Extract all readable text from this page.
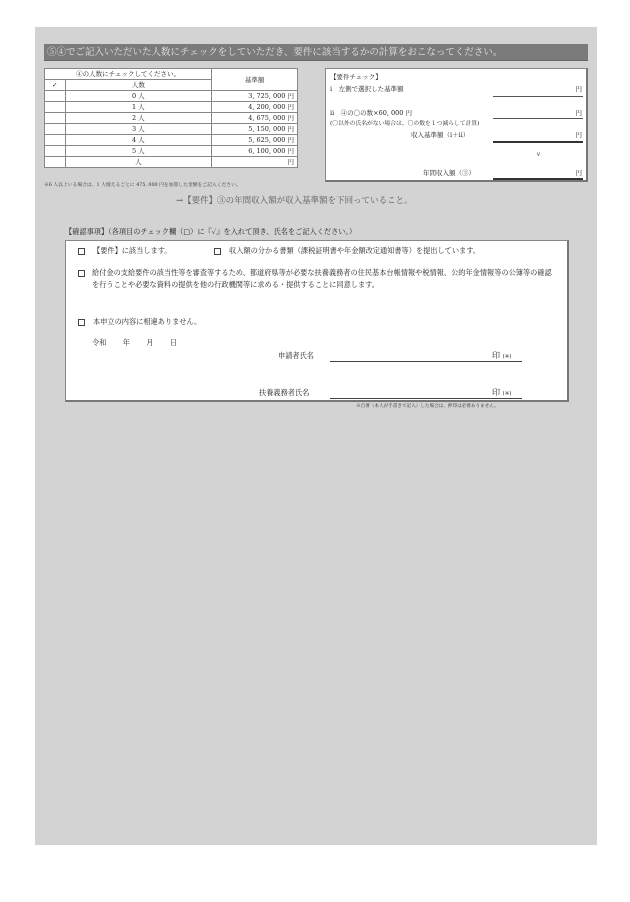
⑤④でご記入いただいた人数にチェックをしていただき、要件に該当するかの計算をおこなってください。
④の人数にチェックしてください。		基準額
✓	人数	
	0 人	3, 725, 000 円
	1 人	4, 200, 000 円
	2 人	4, 675, 000 円
	3 人	5, 150, 000 円
	4 人	5, 625, 000 円
	5 人	6, 100, 000 円
	人	円
※6 人以上いる場合は、1 人増えるごとに 475, 000 円を加算した金額をご記入ください。
【要件チェック】
ⅰ　左側で選択した基準額	円
ⅱ　④の〇の数×60, 000 円	円
(〇以外の氏名がない場合は、〇の数を１つ減らして計算)
収入基準額（ⅰ＋ⅱ）	円
∨
年間収入額（③）	円
→【要件】③の年間収入額が収入基準額を下回っていること。
【確認事項】（各項目のチェック欄（□）に『✓』を入れて頂き、氏名をご記入ください。）
【要件】に該当します。	収入額の分かる書類（課税証明書や年金額改定通知書等）を提出しています。
給付金の支給要件の該当性等を審査等するため、都道府県等が必要な扶養義務者の住民基本台帳情報や税情報、公的年金情報等の公簿等の確認を行うことや必要な資料の提供を他の行政機関等に求める・提供することに同意します。
本申立の内容に相違ありません。
令和 年 月 日
申請者氏名	印 (※)
扶養義務者氏名	印 (※)
※自署（本人が手書きで記入）した場合は、押印は必要ありません。
